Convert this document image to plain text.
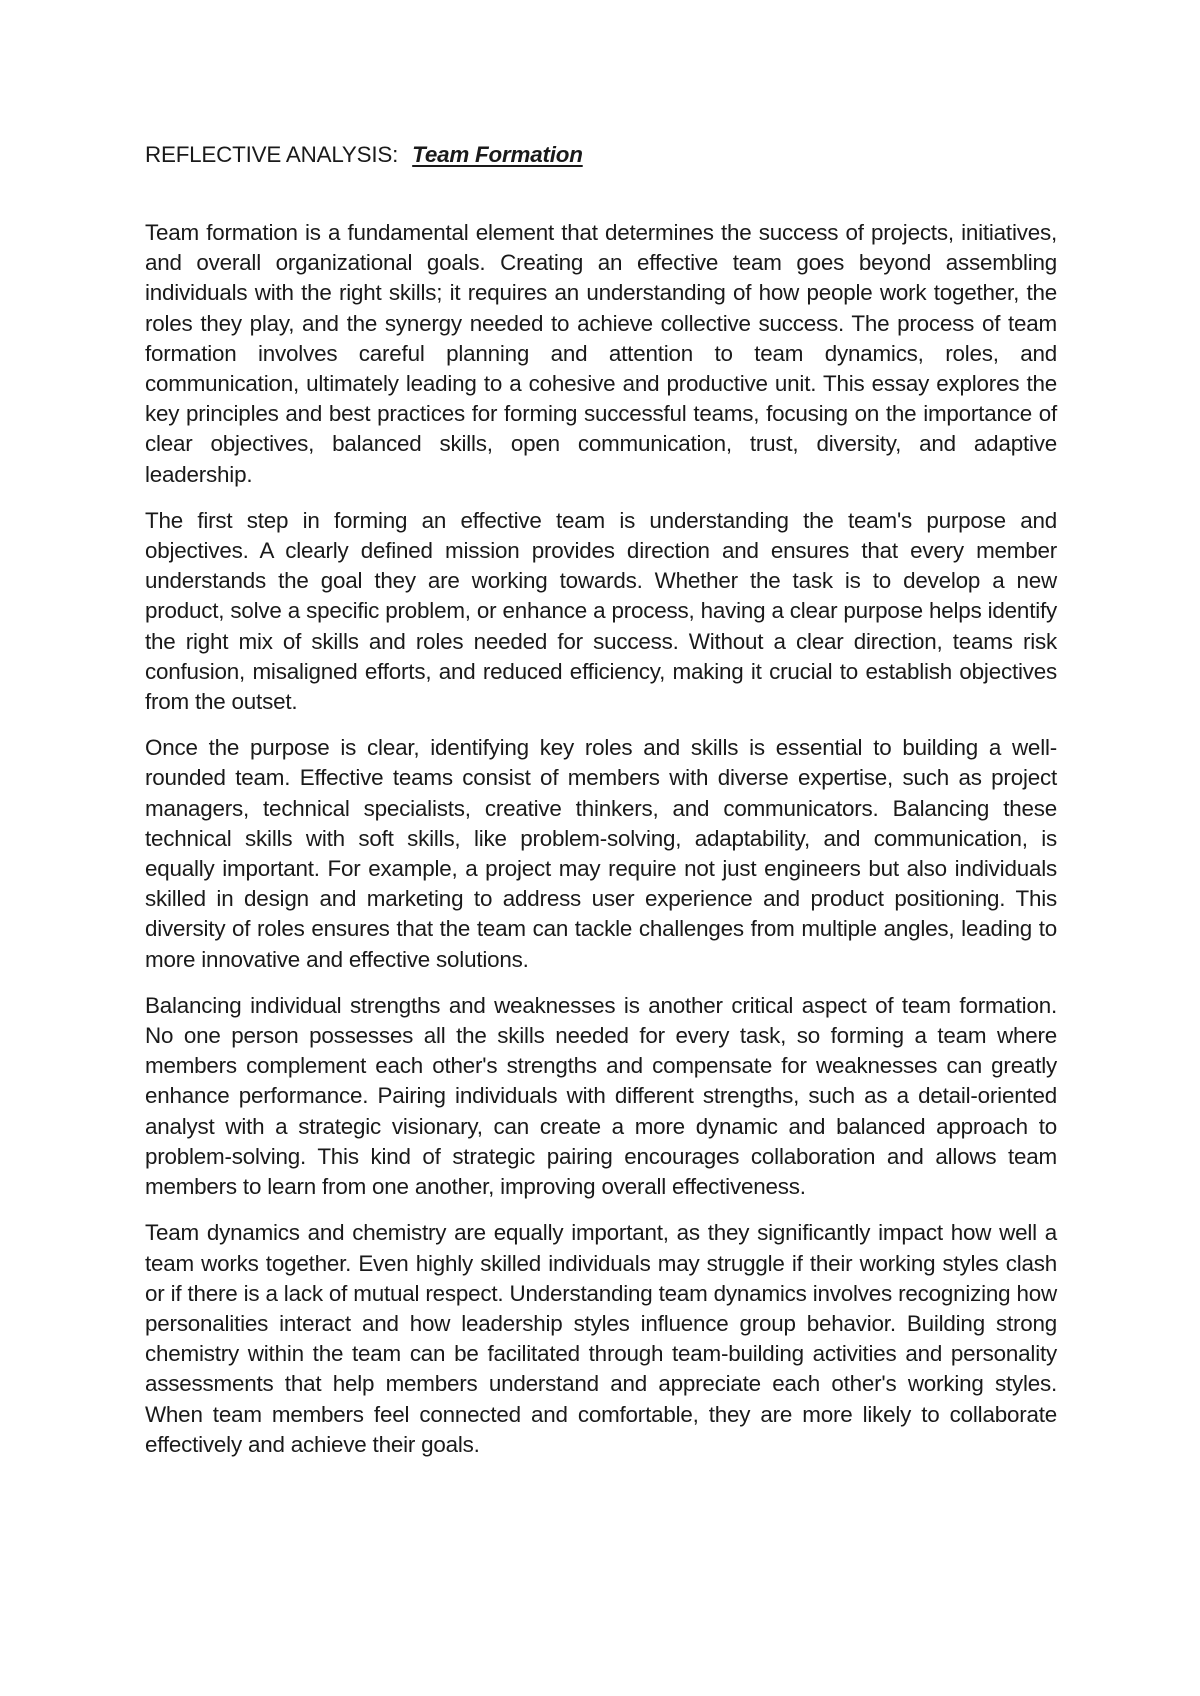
REFLECTIVE ANALYSIS: Team Formation

Team formation is a fundamental element that determines the success of projects, initiatives, and overall organizational goals. Creating an effective team goes beyond assembling individuals with the right skills; it requires an understanding of how people work together, the roles they play, and the synergy needed to achieve collective success. The process of team formation involves careful planning and attention to team dynamics, roles, and communication, ultimately leading to a cohesive and productive unit. This essay explores the key principles and best practices for forming successful teams, focusing on the importance of clear objectives, balanced skills, open communication, trust, diversity, and adaptive leadership.

The first step in forming an effective team is understanding the team's purpose and objectives. A clearly defined mission provides direction and ensures that every member understands the goal they are working towards. Whether the task is to develop a new product, solve a specific problem, or enhance a process, having a clear purpose helps identify the right mix of skills and roles needed for success. Without a clear direction, teams risk confusion, misaligned efforts, and reduced efficiency, making it crucial to establish objectives from the outset.

Once the purpose is clear, identifying key roles and skills is essential to building a well-rounded team. Effective teams consist of members with diverse expertise, such as project managers, technical specialists, creative thinkers, and communicators. Balancing these technical skills with soft skills, like problem-solving, adaptability, and communication, is equally important. For example, a project may require not just engineers but also individuals skilled in design and marketing to address user experience and product positioning. This diversity of roles ensures that the team can tackle challenges from multiple angles, leading to more innovative and effective solutions.

Balancing individual strengths and weaknesses is another critical aspect of team formation. No one person possesses all the skills needed for every task, so forming a team where members complement each other's strengths and compensate for weaknesses can greatly enhance performance. Pairing individuals with different strengths, such as a detail-oriented analyst with a strategic visionary, can create a more dynamic and balanced approach to problem-solving. This kind of strategic pairing encourages collaboration and allows team members to learn from one another, improving overall effectiveness.

Team dynamics and chemistry are equally important, as they significantly impact how well a team works together. Even highly skilled individuals may struggle if their working styles clash or if there is a lack of mutual respect. Understanding team dynamics involves recognizing how personalities interact and how leadership styles influence group behavior. Building strong chemistry within the team can be facilitated through team-building activities and personality assessments that help members understand and appreciate each other's working styles. When team members feel connected and comfortable, they are more likely to collaborate effectively and achieve their goals.
